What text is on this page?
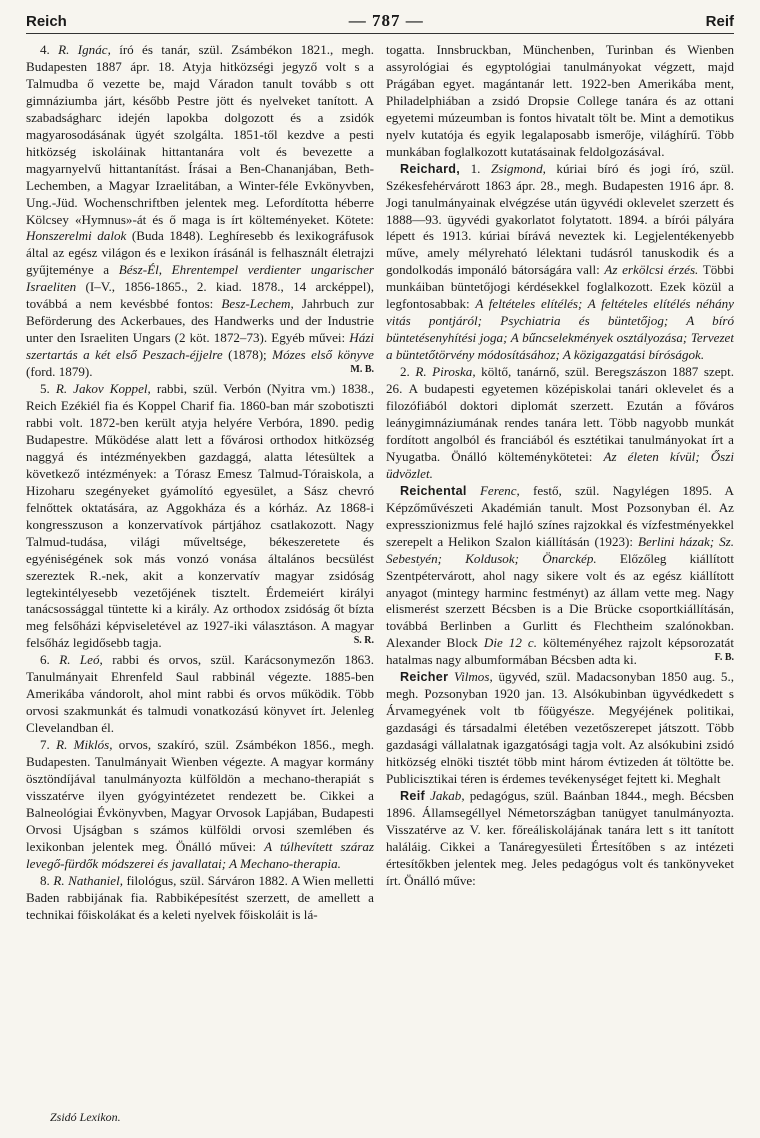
Reich	— 787 —	Reif

4. R. Ignác, író és tanár, szül. Zsámbékon 1821., megh. Budapesten 1887 ápr. 18. Atyja hitközségi jegyző volt s a Talmudba ő vezette be, majd Váradon tanult tovább s ott gimnáziumba járt, később Pestre jött és nyelveket tanított. A szabadságharc idején lapokba dolgozott és a zsidók magyarosodásának ügyét szolgálta. 1851-től kezdve a pesti hitközség iskoláinak hittantanára volt és bevezette a magyarnyelvű hittantanítást. Írásai a Ben-Chananjában, Beth-Lechemben, a Magyar Izraelitában, a Winter-féle Evkönyvben, Ung.-Jüd. Wochenschriftben jelentek meg. Lefordította héberre Kölcsey «Hymnus»-át és ő maga is írt költeményeket. Kötete: Honszerelmi dalok (Buda 1848). Leghíresebb és lexikográfusok által az egész világon és e lexikon írásánál is felhasznált életrajzi gyűjteménye a Bész-Él, Ehrentempel verdienter ungarischer Israeliten (I–V., 1856-1865., 2. kiad. 1878., 14 arcképpel), továbbá a nem kevésbbé fontos: Besz-Lechem, Jahrbuch zur Beförderung des Ackerbaues, des Handwerks und der Industrie unter den Israeliten Ungars (2 köt. 1872–73). Egyéb művei: Házi szertartás a két első Peszach-éjjelre (1878); Mózes első könyve (ford. 1879).	M. B.

5. R. Jakov Koppel, rabbi, szül. Verbón (Nyitra vm.) 1838., Reich Ezékiél fia és Koppel Charif fia. 1860-ban már szobotiszti rabbi volt. 1872-ben került atyja helyére Verbóra, 1890. pedig Budapestre. Működése alatt lett a fővárosi orthodox hitközség naggyá és intézményekben gazdaggá, alatta létesültek a következő intézmények: a Tórasz Emesz Talmud-Tóraiskola, a Hizoharu szegényeket gyámolító egyesület, a Sász chevró felnőttek oktatására, az Aggokháza és a kórház. Az 1868-i kongresszuson a konzervatívok pártjához csatlakozott. Nagy Talmud-tudása, világi műveltsége, békeszeretete és egyéniségének sok más vonzó vonása általános becsülést szereztek R.-nek, akit a konzervatív magyar zsidóság legtekintélyesebb vezetőjének tisztelt. Érdemeiért királyi tanácsossággal tüntette ki a király. Az orthodox zsidóság őt bízta meg felsőházi képviseletével az 1927-iki választáson. A magyar felsőház legidősebb tagja.	S. R.

6. R. Leó, rabbi és orvos, szül. Karácsonymezőn 1863. Tanulmányait Ehrenfeld Saul rabbinál végezte. 1885-ben Amerikába vándorolt, ahol mint rabbi és orvos működik. Több orvosi szakmunkát és talmudi vonatkozású könyvet írt. Jelenleg Clevelandban él.

7. R. Miklós, orvos, szakíró, szül. Zsámbékon 1856., megh. Budapesten. Tanulmányait Wienben végezte. A magyar kormány ösztöndíjával tanulmányozta külföldön a mechano-therapiát s visszatérve ilyen gyógyintézetet rendezett be. Cikkei a Balneológiai Évkönyvben, Magyar Orvosok Lapjában, Budapesti Orvosi Ujságban s számos külföldi orvosi szemlében és lexikonban jelentek meg. Önálló művei: A túlhevített száraz levegő-fürdők módszerei és javallatai; A Mechano-therapia.

8. R. Nathaniel, filológus, szül. Sárváron 1882. A Wien melletti Baden rabbijának fia. Rabbiképesítést szerzett, de amellett a technikai főiskolákat és a keleti nyelvek főiskoláit is lá-

togatta. Innsbruckban, Münchenben, Turinban és Wienben assyrológiai és egyptológiai tanulmányokat végzett, majd Prágában egyet. magántanár lett. 1922-ben Amerikába ment, Philadelphiában a zsidó Dropsie College tanára és az ottani egyetemi múzeumban is fontos hivatalt tölt be. Mint a demotikus nyelv kutatója és egyik legalaposabb ismerője, világhírű. Több munkában foglalkozott kutatásainak feldolgozásával.

Reichard, 1. Zsigmond, kúriai bíró és jogi író, szül. Székesfehérvárott 1863 ápr. 28., megh. Budapesten 1916 ápr. 8. Jogi tanulmányainak elvégzése után ügyvédi oklevelet szerzett és 1888—93. ügyvédi gyakorlatot folytatott. 1894. a bírói pályára lépett és 1913. kúriai bírává neveztek ki. Legjelentékenyebb műve, amely mélyreható lélektani tudásról tanuskodik és a gondolkodás imponáló bátorságára vall: Az erkölcsi érzés. Többi munkáiban büntetőjogi kérdésekkel foglalkozott. Ezek közül a legfontosabbak: A feltételes elítélés; A feltételes elítélés néhány vitás pontjáról; Psychiatria és büntetőjog; A bíró büntetésenyhítési joga; A bűncselekmények osztályozása; Tervezet a büntetőtörvény módosításához; A közigazgatási bíróságok.

2. R. Piroska, költő, tanárnő, szül. Beregszászon 1887 szept. 26. A budapesti egyetemen középiskolai tanári oklevelet és a filozófiából doktori diplomát szerzett. Ezután a főváros leánygimnáziumának rendes tanára lett. Több nagyobb munkát fordított angolból és franciából és esztétikai tanulmányokat írt a Nyugatba. Önálló költeménykötetei: Az életen kívül; Őszi üdvözlet.

Reichental Ferenc, festő, szül. Nagylégen 1895. A Képzőművészeti Akadémián tanult. Most Pozsonyban él. Az expresszionizmus felé hajló színes rajzokkal és vízfestményekkel szerepelt a Helikon Szalon kiállításán (1923): Berlini házak; Sz. Sebestyén; Koldusok; Önarckép. Előzőleg kiállított Szentpétervárott, ahol nagy sikere volt és az egész kiállított anyagot (mintegy harminc festményt) az állam vette meg. Nagy elismerést szerzett Bécsben is a Die Brücke csoportkiállításán, továbbá Berlinben a Gurlitt és Flechtheim szalónokban. Alexander Block Die 12 c. költeményéhez rajzolt képsorozatát hatalmas nagy albumformában Bécsben adta ki.	F. B.

Reicher Vilmos, ügyvéd, szül. Madacsonyban 1850 aug. 5., megh. Pozsonyban 1920 jan. 13. Alsókubinban ügyvédkedett s Árvamegyének volt tb főügyésze. Megyéjének politikai, gazdasági és társadalmi életében vezetőszerepet játszott. Több gazdasági vállalatnak igazgatósági tagja volt. Az alsókubini zsidó hitközség elnöki tisztét több mint három évtizeden át töltötte be. Publicisztikai téren is érdemes tevékenységet fejtett ki. Meghalt

Reif Jakab, pedagógus, szül. Baánban 1844., megh. Bécsben 1896. Államsegéllyel Németországban tanügyet tanulmányozta. Visszatérve az V. ker. főreáliskolájának tanára lett s itt tanított haláláig. Cikkei a Tanáregyesületi Értesítőben s az intézeti értesítőkben jelentek meg. Jeles pedagógus volt és tankönyveket írt. Önálló műve:

Zsidó Lexikon.
